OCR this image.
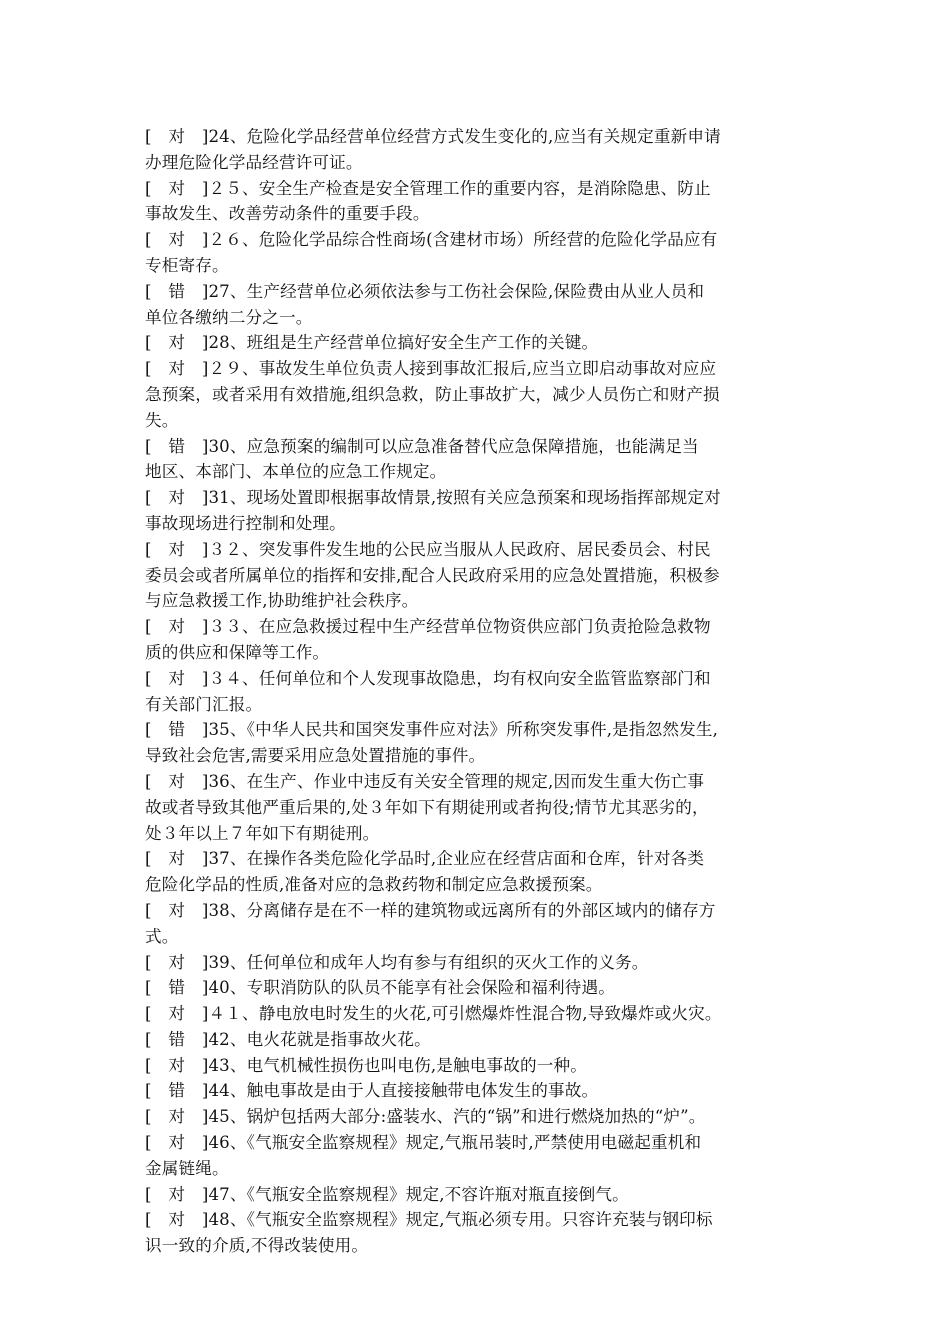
[　对　]24、危险化学品经营单位经营方式发生变化的,应当有关规定重新申请
办理危险化学品经营许可证。
[　对　]２５、安全生产检查是安全管理工作的重要内容，是消除隐患、防止
事故发生、改善劳动条件的重要手段。
[　对　]２６、危险化学品综合性商场(含建材市场）所经营的危险化学品应有
专柜寄存。
[　错　]27、生产经营单位必须依法参与工伤社会保险,保险费由从业人员和
单位各缴纳二分之一。
[　对　]28、班组是生产经营单位搞好安全生产工作的关键。
[　对　]２９、事故发生单位负责人接到事故汇报后,应当立即启动事故对应应
急预案，或者采用有效措施,组织急救，防止事故扩大，减少人员伤亡和财产损
失。
[　错　]30、应急预案的编制可以应急准备替代应急保障措施，也能满足当
地区、本部门、本单位的应急工作规定。
[　对　]31、现场处置即根据事故情景,按照有关应急预案和现场指挥部规定对
事故现场进行控制和处理。
[　对　]３２、突发事件发生地的公民应当服从人民政府、居民委员会、村民
委员会或者所属单位的指挥和安排,配合人民政府采用的应急处置措施，积极参
与应急救援工作,协助维护社会秩序。
[　对　]３３、在应急救援过程中生产经营单位物资供应部门负责抢险急救物
质的供应和保障等工作。
[　对　]３４、任何单位和个人发现事故隐患，均有权向安全监管监察部门和
有关部门汇报。
[　错　]35、《中华人民共和国突发事件应对法》所称突发事件,是指忽然发生,
导致社会危害,需要采用应急处置措施的事件。
[　对　]36、在生产、作业中违反有关安全管理的规定,因而发生重大伤亡事
故或者导致其他严重后果的,处３年如下有期徒刑或者拘役;情节尤其恶劣的，
处３年以上７年如下有期徒刑。
[　对　]37、在操作各类危险化学品时,企业应在经营店面和仓库，针对各类
危险化学品的性质,准备对应的急救药物和制定应急救援预案。
[　对　]38、分离储存是在不一样的建筑物或远离所有的外部区域内的储存方
式。
[　对　]39、任何单位和成年人均有参与有组织的灭火工作的义务。
[　错　]40、专职消防队的队员不能享有社会保险和福利待遇。
[　对　]４１、静电放电时发生的火花,可引燃爆炸性混合物,导致爆炸或火灾。
[　错　]42、电火花就是指事故火花。
[　对　]43、电气机械性损伤也叫电伤,是触电事故的一种。
[　错　]44、触电事故是由于人直接接触带电体发生的事故。
[　对　]45、锅炉包括两大部分:盛装水、汽的“锅”和进行燃烧加热的“炉”。
[　对　]46、《气瓶安全监察规程》规定,气瓶吊装时,严禁使用电磁起重机和
金属链绳。
[　对　]47、《气瓶安全监察规程》规定,不容许瓶对瓶直接倒气。
[　对　]48、《气瓶安全监察规程》规定,气瓶必须专用。只容许充装与钢印标
识一致的介质,不得改装使用。
